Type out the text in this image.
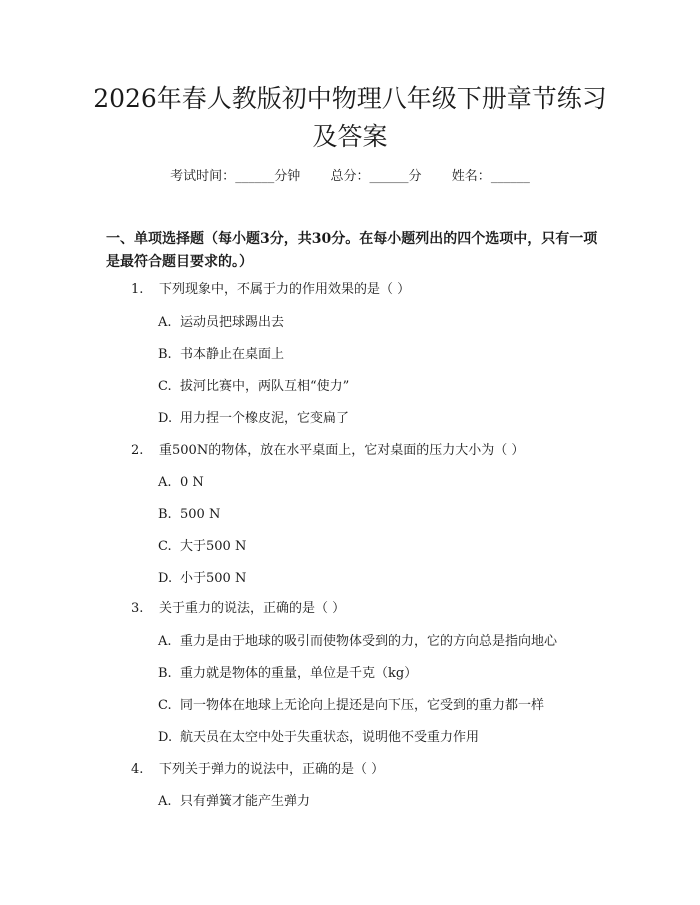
2026年春人教版初中物理八年级下册章节练习及答案
考试时间：______分钟 总分：______分 姓名：______
一、单项选择题（每小题3分，共30分。在每小题列出的四个选项中，只有一项是最符合题目要求的。）
1. 下列现象中，不属于力的作用效果的是（ ）
A. 运动员把球踢出去
B. 书本静止在桌面上
C. 拔河比赛中，两队互相“使力”
D. 用力捏一个橡皮泥，它变扁了
2. 重500N的物体，放在水平桌面上，它对桌面的压力大小为（ ）
A. 0 N
B. 500 N
C. 大于500 N
D. 小于500 N
3. 关于重力的说法，正确的是（ ）
A. 重力是由于地球的吸引而使物体受到的力，它的方向总是指向地心
B. 重力就是物体的重量，单位是千克（kg）
C. 同一物体在地球上无论向上提还是向下压，它受到的重力都一样
D. 航天员在太空中处于失重状态，说明他不受重力作用
4. 下列关于弹力的说法中，正确的是（ ）
A. 只有弹簧才能产生弹力
